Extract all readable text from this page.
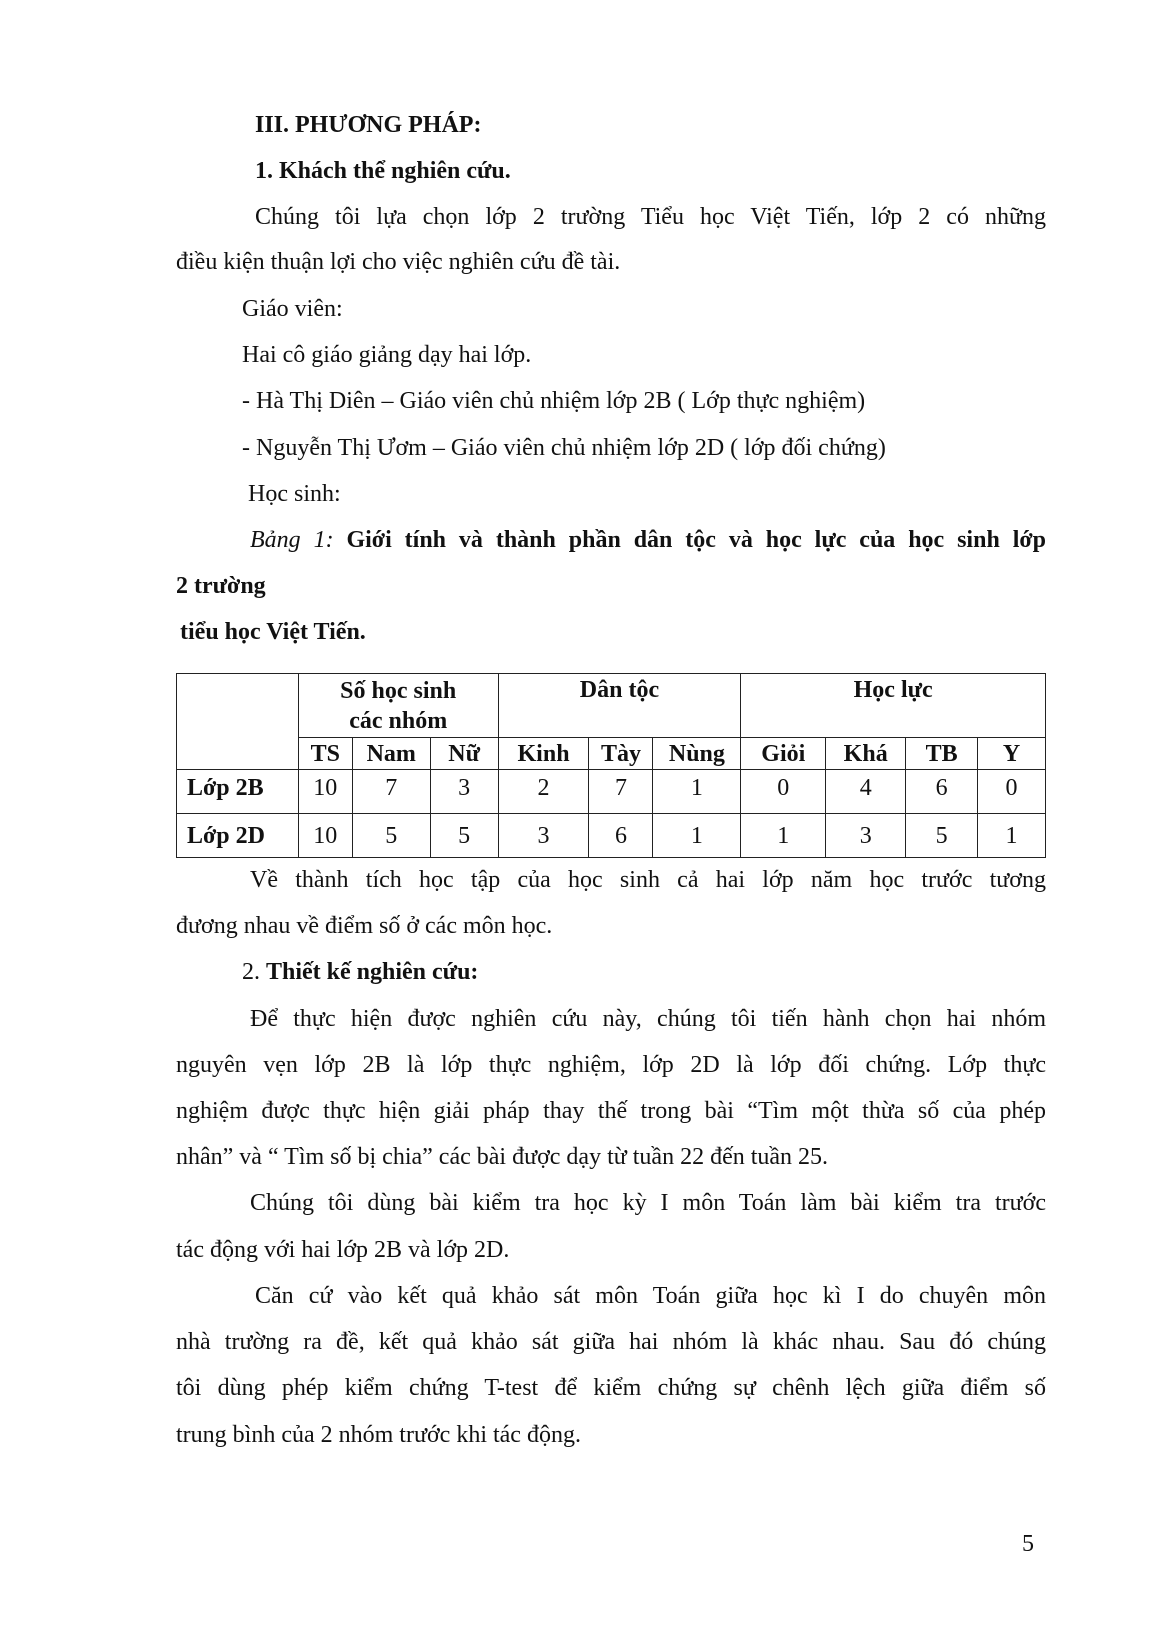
III. PHƯƠNG PHÁP:
1. Khách thể nghiên cứu.
Chúng tôi lựa chọn lớp 2 trường Tiểu học Việt Tiến, lớp 2 có những
điều kiện thuận lợi cho việc nghiên cứu đề tài.
Giáo viên:
Hai cô giáo giảng dạy hai lớp.
- Hà Thị Diên – Giáo viên chủ nhiệm lớp 2B ( Lớp thực nghiệm)
- Nguyễn Thị Ươm – Giáo viên chủ nhiệm lớp 2D ( lớp đối chứng)
Học sinh:
Bảng 1: Giới tính và thành phần dân tộc và học lực của học sinh lớp
2 trường
tiểu học Việt Tiến.
	Số học sinh các nhóm			Dân tộc			Học lực			
	TS	Nam	Nữ	Kinh	Tày	Nùng	Giỏi	Khá	TB	Y
Lớp 2B	10	7	3	2	7	1	0	4	6	0
Lớp 2D	10	5	5	3	6	1	1	3	5	1
Về thành tích học tập của học sinh cả hai lớp năm học trước tương
đương nhau về điểm số ở các môn học.
2. Thiết kế nghiên cứu:
Để thực hiện được nghiên cứu này, chúng tôi tiến hành chọn hai nhóm
nguyên vẹn lớp 2B là lớp thực nghiệm, lớp 2D là lớp đối chứng. Lớp thực
nghiệm được thực hiện giải pháp thay thế trong bài “Tìm một thừa số của phép
nhân” và “ Tìm số bị chia” các bài được dạy từ tuần 22 đến tuần 25.
Chúng tôi dùng bài kiểm tra học kỳ I môn Toán làm bài kiểm tra trước
tác động với hai lớp 2B và lớp 2D.
Căn cứ vào kết quả khảo sát môn Toán giữa học kì I do chuyên môn
nhà trường ra đề, kết quả khảo sát giữa hai nhóm là khác nhau. Sau đó chúng
tôi dùng phép kiểm chứng T-test để kiểm chứng sự chênh lệch giữa điểm số
trung bình của 2 nhóm trước khi tác động.
5
